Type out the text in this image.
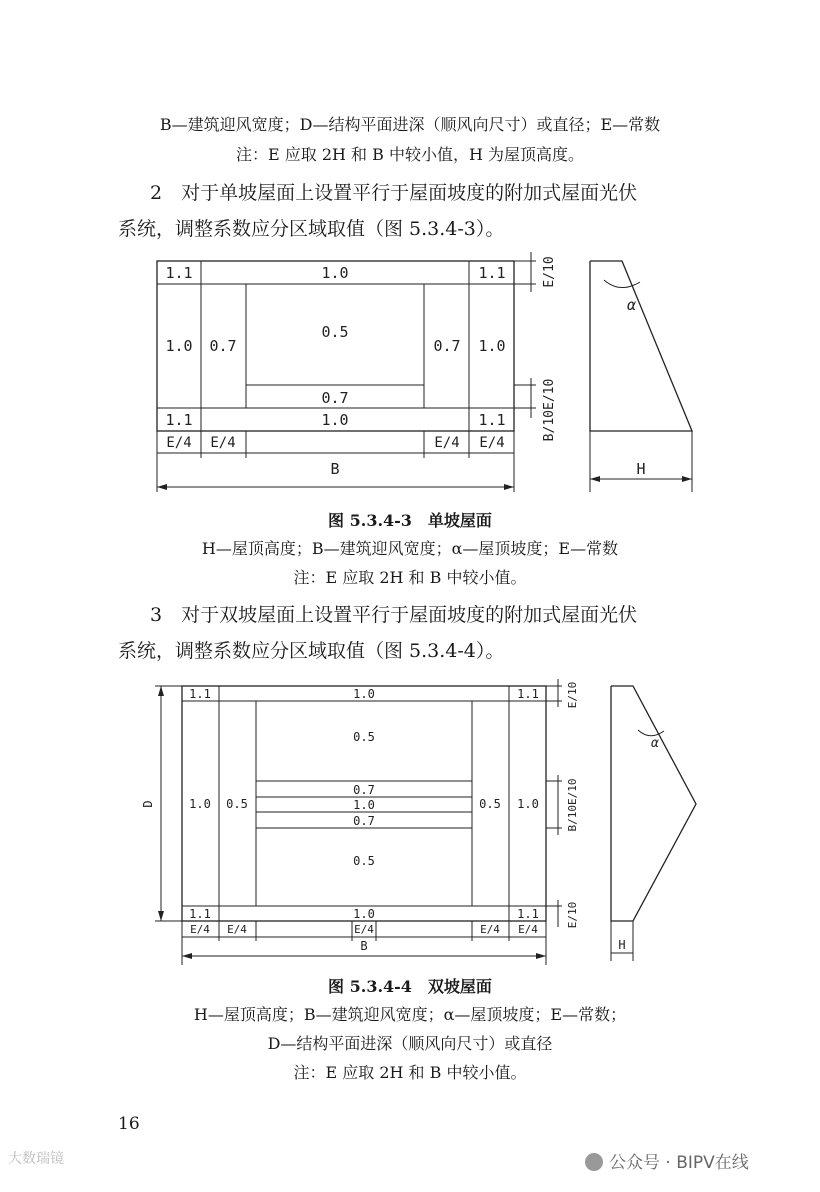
B—建筑迎风宽度；D—结构平面进深（顺风向尺寸）或直径；E—常数
注：E 应取 2H 和 B 中较小值，H 为屋顶高度。
2　对于单坡屋面上设置平行于屋面坡度的附加式屋面光伏
系统，调整系数应分区域取值（图 5.3.4-3）。
1.1	1.0	1.1
1.0 0.7
0.5
0.7 1.0
0.7
1.1	1.0	1.1
E/4 E/4	E/4 E/4
B
E/10
B/10E/10
H
α
图 5.3.4-3　单坡屋面
H—屋顶高度；B—建筑迎风宽度；α—屋顶坡度；E—常数
注：E 应取 2H 和 B 中较小值。
3　对于双坡屋面上设置平行于屋面坡度的附加式屋面光伏
系统，调整系数应分区域取值（图 5.3.4-4）。
1.1	1.0	1.1
0.5
1.0 0.5
0.7
1.0
0.7
0.5 1.0
0.5
1.1	1.0	1.1
D
E/4 E/4	E/4	E/4 E/4
B
E/10
B/10E/10
E/10
H
α
图 5.3.4-4　双坡屋面
H—屋顶高度；B—建筑迎风宽度；α—屋顶坡度；E—常数；
D—结构平面进深（顺风向尺寸）或直径
注：E 应取 2H 和 B 中较小值。
16
大数瑞镜	公众号 · BIPV在线
